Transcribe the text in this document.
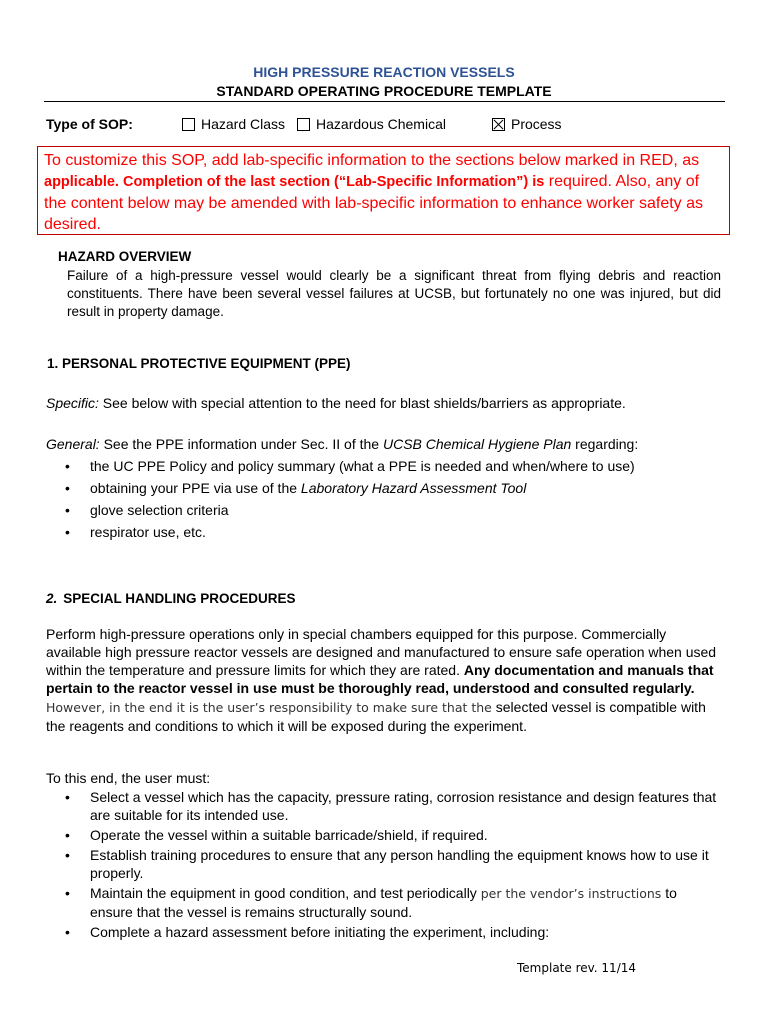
HIGH PRESSURE REACTION VESSELS
STANDARD OPERATING PROCEDURE TEMPLATE
Type of SOP:	Hazard Class Hazardous Chemical	Process
To customize this SOP, add lab-specific information to the sections below marked in RED, as applicable. Completion of the last section (“Lab-Specific Information”) is required. Also, any of the content below may be amended with lab-specific information to enhance worker safety as desired.
HAZARD OVERVIEW
Failure of a high-pressure vessel would clearly be a significant threat from flying debris and reaction constituents. There have been several vessel failures at UCSB, but fortunately no one was injured, but did result in property damage.
1. PERSONAL PROTECTIVE EQUIPMENT (PPE)
Specific: See below with special attention to the need for blast shields/barriers as appropriate.
General: See the PPE information under Sec. II of the UCSB Chemical Hygiene Plan regarding:
• the UC PPE Policy and policy summary (what a PPE is needed and when/where to use)
• obtaining your PPE via use of the Laboratory Hazard Assessment Tool
• glove selection criteria
• respirator use, etc.
2. SPECIAL HANDLING PROCEDURES
Perform high-pressure operations only in special chambers equipped for this purpose. Commercially available high pressure reactor vessels are designed and manufactured to ensure safe operation when used within the temperature and pressure limits for which they are rated. Any documentation and manuals that pertain to the reactor vessel in use must be thoroughly read, understood and consulted regularly. However, in the end it is the user’s responsibility to make sure that the selected vessel is compatible with the reagents and conditions to which it will be exposed during the experiment.
To this end, the user must:
• Select a vessel which has the capacity, pressure rating, corrosion resistance and design features that are suitable for its intended use.
• Operate the vessel within a suitable barricade/shield, if required.
• Establish training procedures to ensure that any person handling the equipment knows how to use it properly.
• Maintain the equipment in good condition, and test periodically per the vendor’s instructions to ensure that the vessel is remains structurally sound.
• Complete a hazard assessment before initiating the experiment, including:
Template rev. 11/14
